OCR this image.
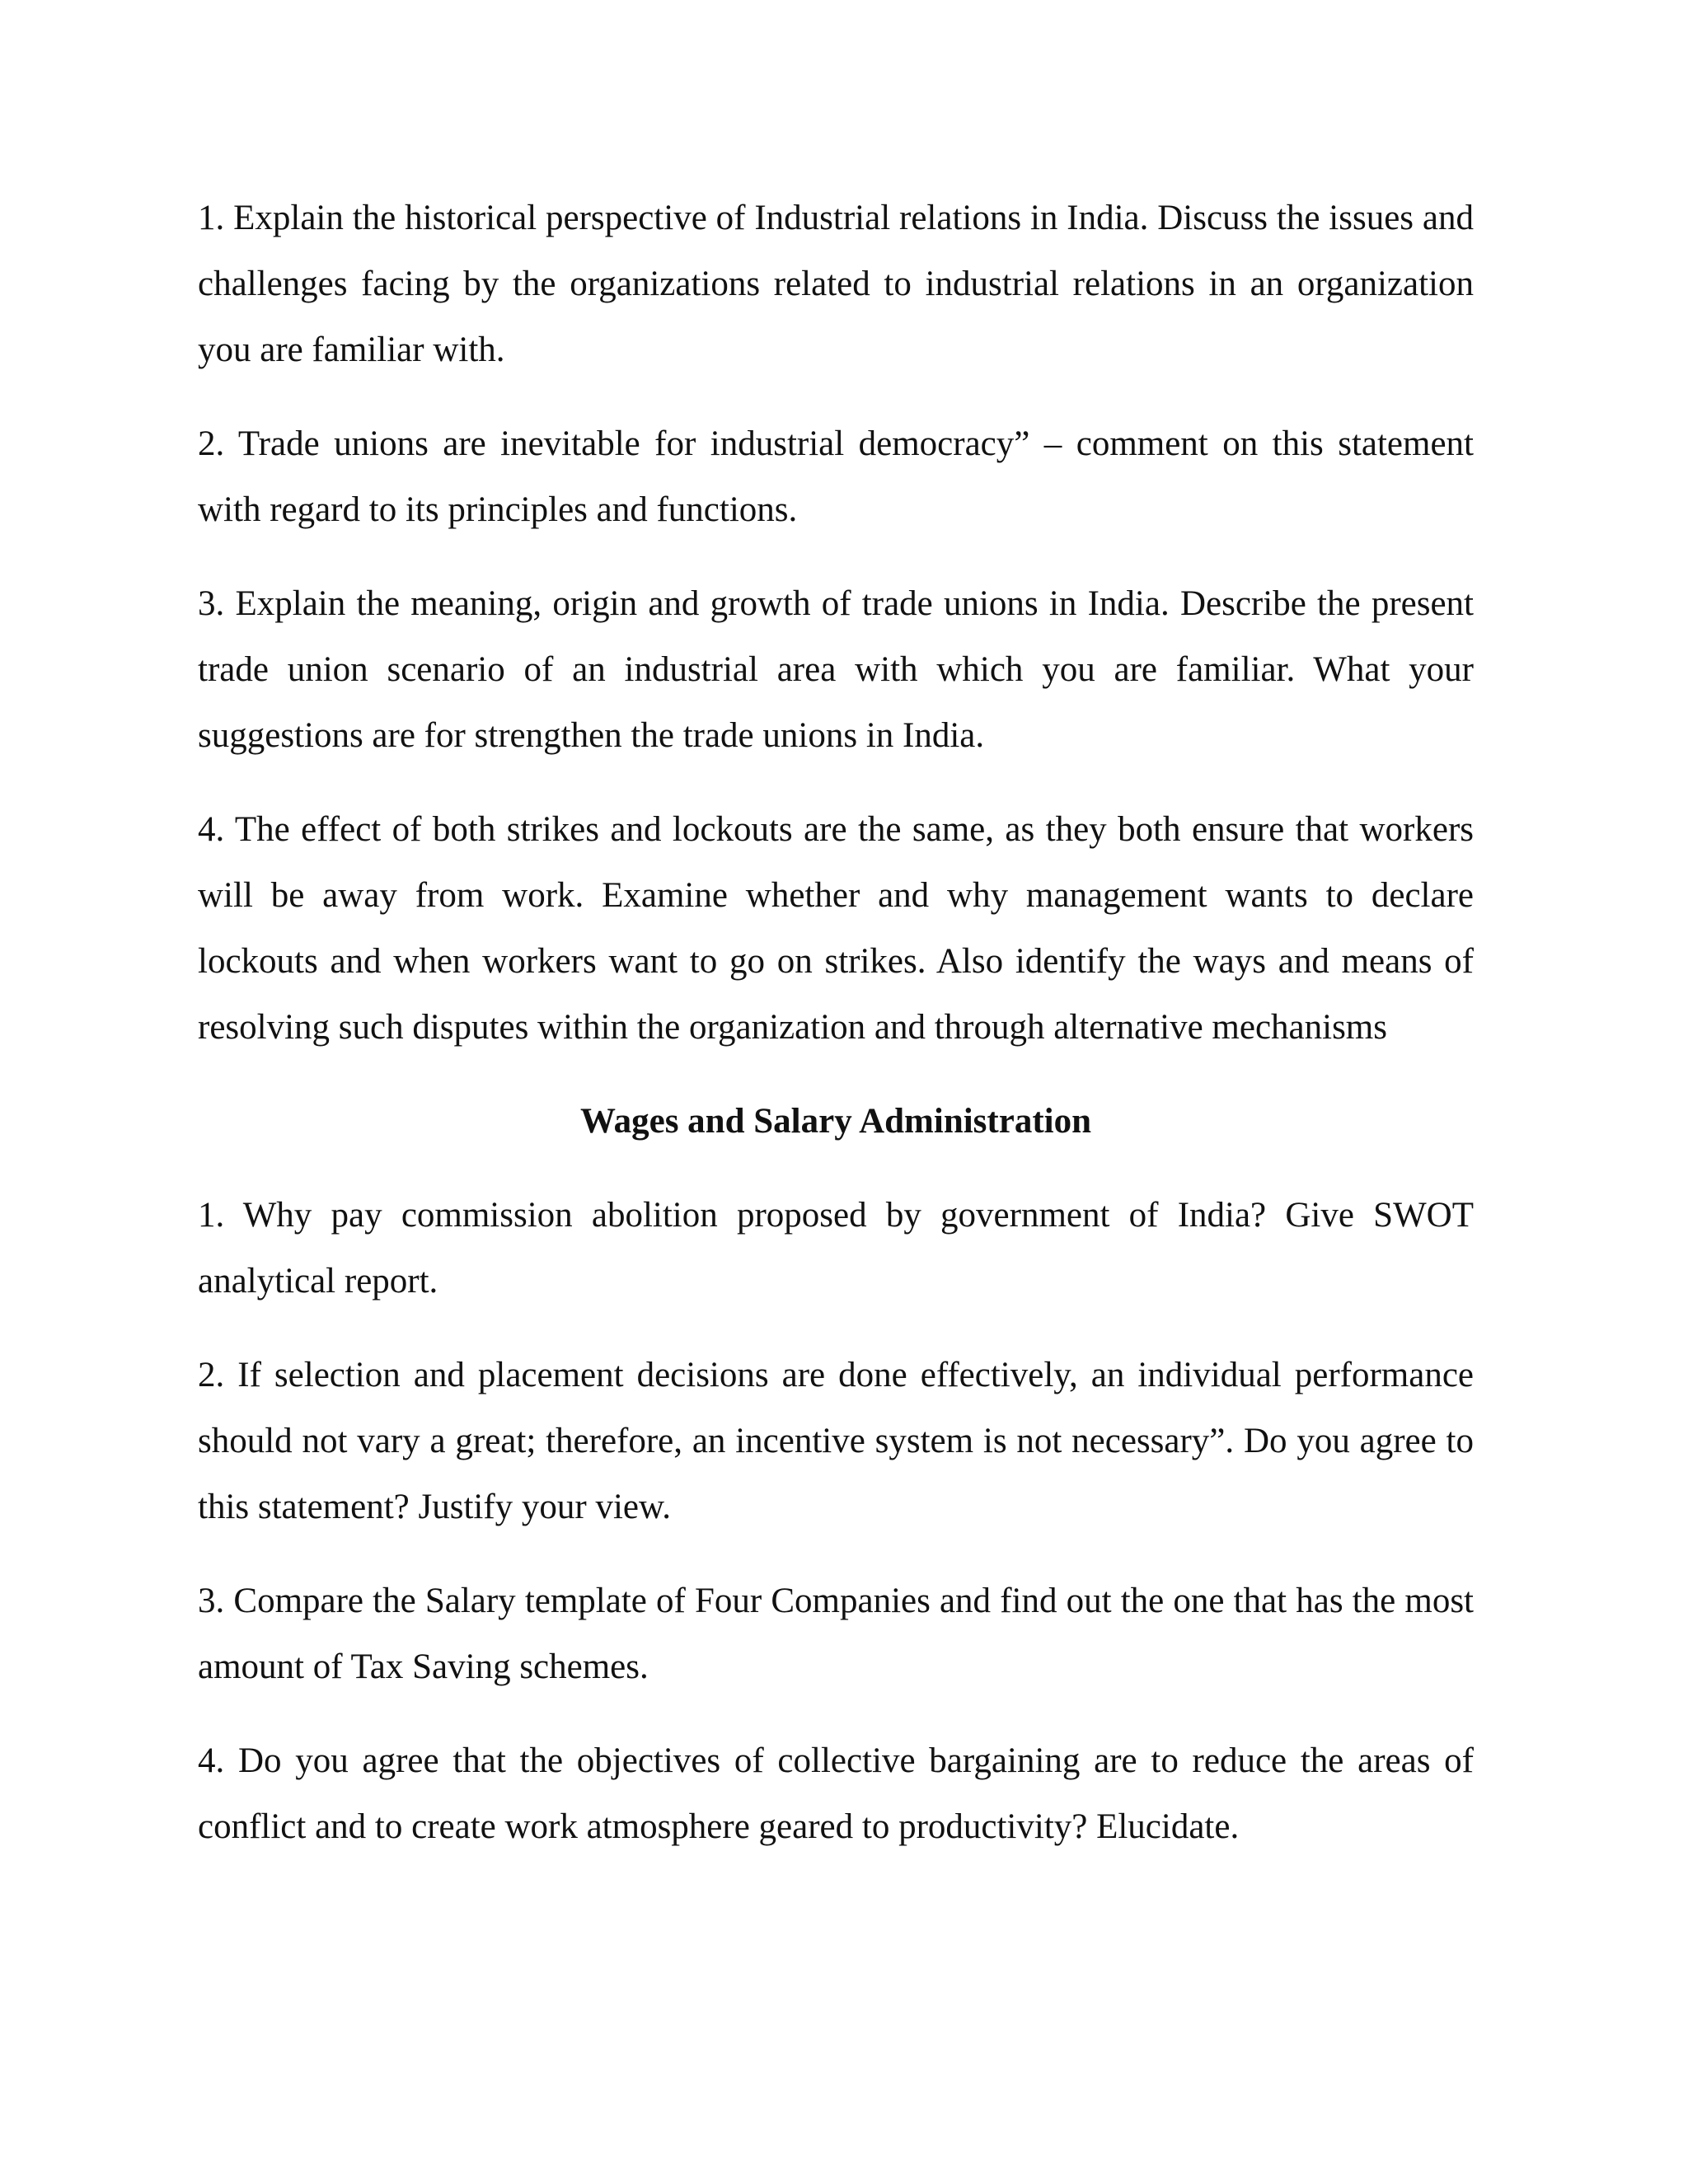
1. Explain the historical perspective of Industrial relations in India. Discuss the issues and challenges facing by the organizations related to industrial relations in an organization you are familiar with.

2. Trade unions are inevitable for industrial democracy” – comment on this statement with regard to its principles and functions.

3. Explain the meaning, origin and growth of trade unions in India. Describe the present trade union scenario of an industrial area with which you are familiar. What your suggestions are for strengthen the trade unions in India.

4. The effect of both strikes and lockouts are the same, as they both ensure that workers will be away from work. Examine whether and why management wants to declare lockouts and when workers want to go on strikes. Also identify the ways and means of resolving such disputes within the organization and through alternative mechanisms

Wages and Salary Administration

1. Why pay commission abolition proposed by government of India? Give SWOT analytical report.

2. If selection and placement decisions are done effectively, an individual performance should not vary a great; therefore, an incentive system is not necessary”. Do you agree to this statement? Justify your view.

3. Compare the Salary template of Four Companies and find out the one that has the most amount of Tax Saving schemes.

4. Do you agree that the objectives of collective bargaining are to reduce the areas of conflict and to create work atmosphere geared to productivity? Elucidate.
